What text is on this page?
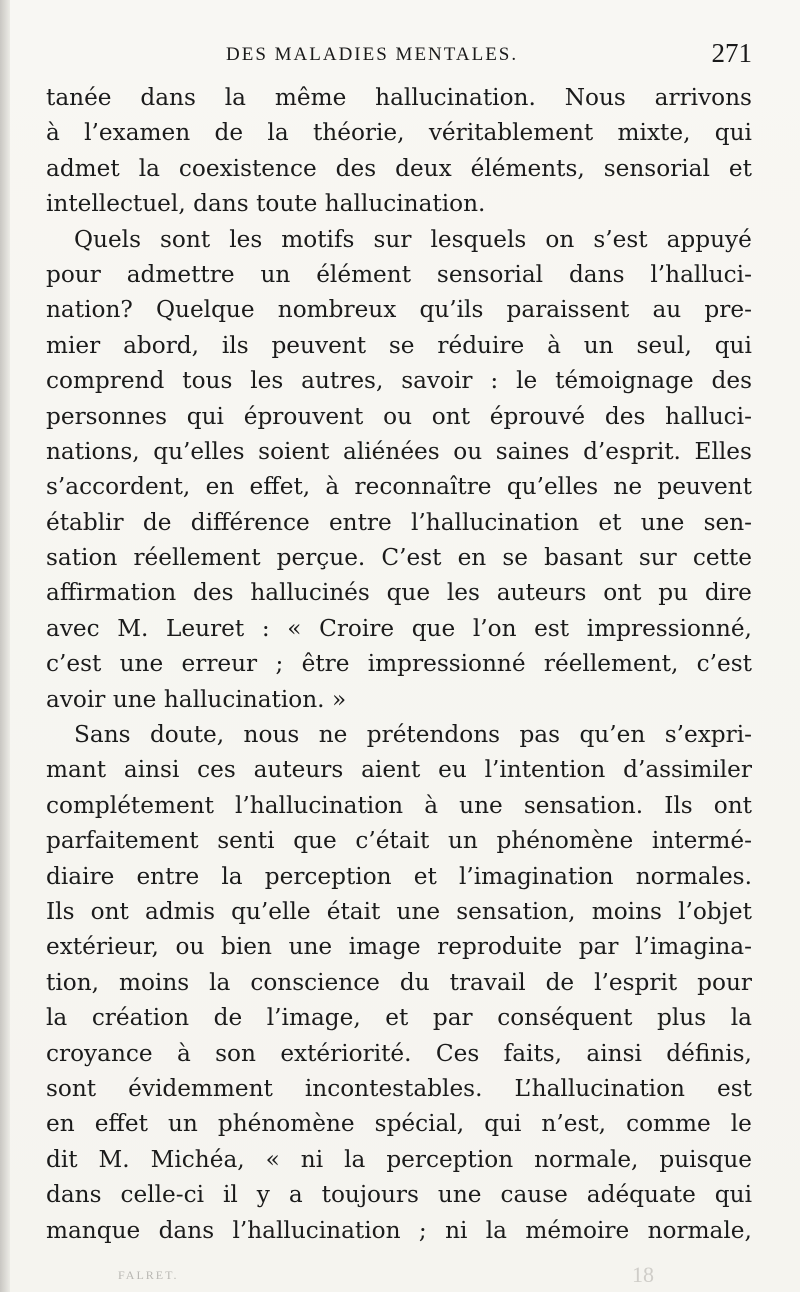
DES MALADIES MENTALES.	271
tanée dans la même hallucination. Nous arrivons
à l’examen de la théorie, véritablement mixte, qui
admet la coexistence des deux éléments, sensorial et
intellectuel, dans toute hallucination.
Quels sont les motifs sur lesquels on s’est appuyé
pour admettre un élément sensorial dans l’halluci-
nation? Quelque nombreux qu’ils paraissent au pre-
mier abord, ils peuvent se réduire à un seul, qui
comprend tous les autres, savoir : le témoignage des
personnes qui éprouvent ou ont éprouvé des halluci-
nations, qu’elles soient aliénées ou saines d’esprit. Elles
s’accordent, en effet, à reconnaître qu’elles ne peuvent
établir de différence entre l’hallucination et une sen-
sation réellement perçue. C’est en se basant sur cette
affirmation des hallucinés que les auteurs ont pu dire
avec M. Leuret : « Croire que l’on est impressionné,
c’est une erreur ; être impressionné réellement, c’est
avoir une hallucination. »
Sans doute, nous ne prétendons pas qu’en s’expri-
mant ainsi ces auteurs aient eu l’intention d’assimiler
complétement l’hallucination à une sensation. Ils ont
parfaitement senti que c’était un phénomène intermé-
diaire entre la perception et l’imagination normales.
Ils ont admis qu’elle était une sensation, moins l’objet
extérieur, ou bien une image reproduite par l’imagina-
tion, moins la conscience du travail de l’esprit pour
la création de l’image, et par conséquent plus la
croyance à son extériorité. Ces faits, ainsi définis,
sont évidemment incontestables. L’hallucination est
en effet un phénomène spécial, qui n’est, comme le
dit M. Michéa, « ni la perception normale, puisque
dans celle-ci il y a toujours une cause adéquate qui
manque dans l’hallucination ; ni la mémoire normale,
FALRET.	18
